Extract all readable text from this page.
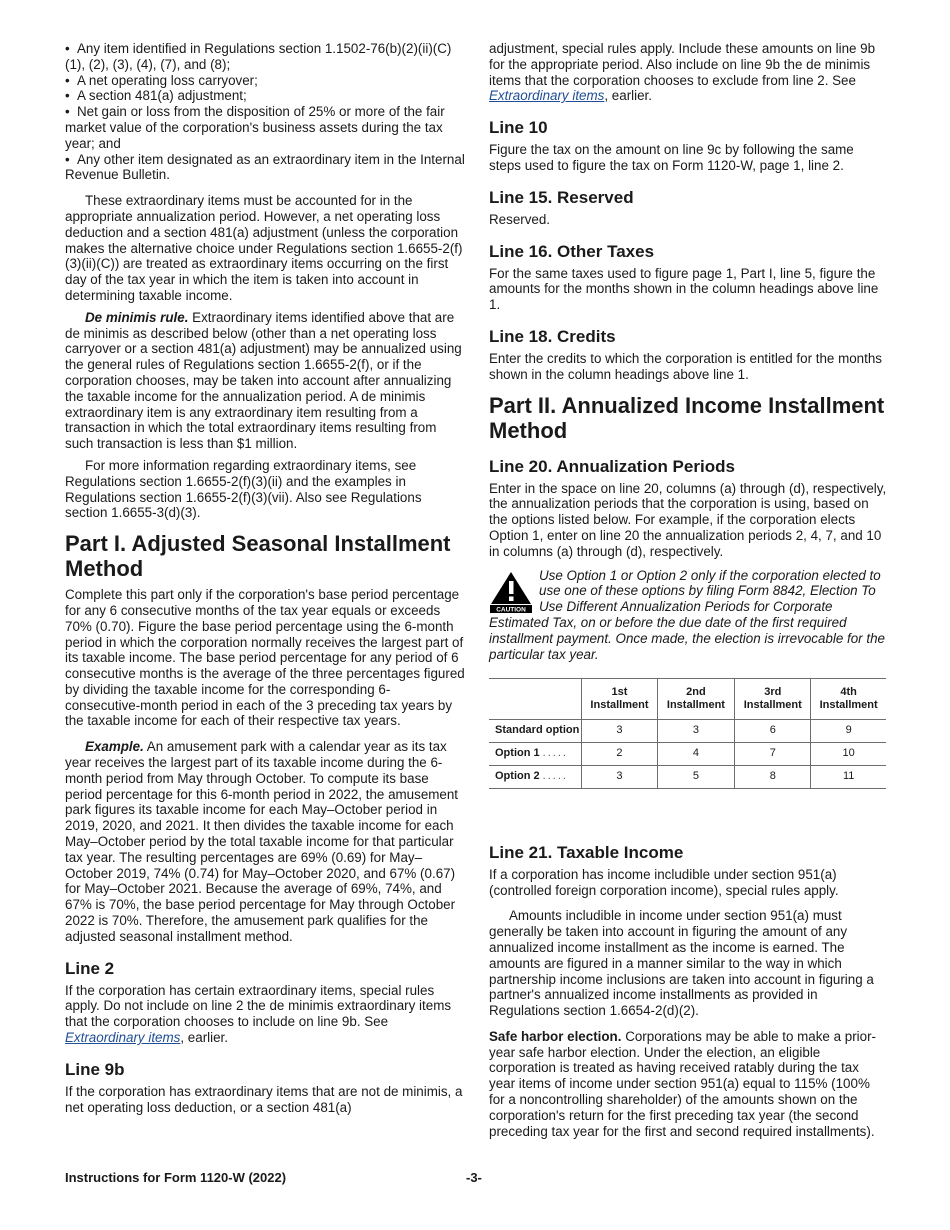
• Any item identified in Regulations section 1.1502-76(b)(2)(ii)(C)(1), (2), (3), (4), (7), and (8);

• A net operating loss carryover;

• A section 481(a) adjustment;

• Net gain or loss from the disposition of 25% or more of the fair market value of the corporation's business assets during the tax year; and

• Any other item designated as an extraordinary item in the Internal Revenue Bulletin.

These extraordinary items must be accounted for in the appropriate annualization period. However, a net operating loss deduction and a section 481(a) adjustment (unless the corporation makes the alternative choice under Regulations section 1.6655-2(f)(3)(ii)(C)) are treated as extraordinary items occurring on the first day of the tax year in which the item is taken into account in determining taxable income.

De minimis rule. Extraordinary items identified above that are de minimis as described below (other than a net operating loss carryover or a section 481(a) adjustment) may be annualized using the general rules of Regulations section 1.6655-2(f), or if the corporation chooses, may be taken into account after annualizing the taxable income for the annualization period. A de minimis extraordinary item is any extraordinary item resulting from a transaction in which the total extraordinary items resulting from such transaction is less than $1 million.

For more information regarding extraordinary items, see Regulations section 1.6655-2(f)(3)(ii) and the examples in Regulations section 1.6655-2(f)(3)(vii). Also see Regulations section 1.6655-3(d)(3).

Part I. Adjusted Seasonal Installment Method

Complete this part only if the corporation's base period percentage for any 6 consecutive months of the tax year equals or exceeds 70% (0.70). Figure the base period percentage using the 6-month period in which the corporation normally receives the largest part of its taxable income. The base period percentage for any period of 6 consecutive months is the average of the three percentages figured by dividing the taxable income for the corresponding 6-consecutive-month period in each of the 3 preceding tax years by the taxable income for each of their respective tax years.

Example. An amusement park with a calendar year as its tax year receives the largest part of its taxable income during the 6-month period from May through October. To compute its base period percentage for this 6-month period in 2022, the amusement park figures its taxable income for each May–October period in 2019, 2020, and 2021. It then divides the taxable income for each May–October period by the total taxable income for that particular tax year. The resulting percentages are 69% (0.69) for May–October 2019, 74% (0.74) for May–October 2020, and 67% (0.67) for May–October 2021. Because the average of 69%, 74%, and 67% is 70%, the base period percentage for May through October 2022 is 70%. Therefore, the amusement park qualifies for the adjusted seasonal installment method.

Line 2

If the corporation has certain extraordinary items, special rules apply. Do not include on line 2 the de minimis extraordinary items that the corporation chooses to include on line 9b. See Extraordinary items, earlier.

Line 9b

If the corporation has extraordinary items that are not de minimis, a net operating loss deduction, or a section 481(a)

adjustment, special rules apply. Include these amounts on line 9b for the appropriate period. Also include on line 9b the de minimis items that the corporation chooses to exclude from line 2. See Extraordinary items, earlier.

Line 10

Figure the tax on the amount on line 9c by following the same steps used to figure the tax on Form 1120-W, page 1, line 2.

Line 15. Reserved

Reserved.

Line 16. Other Taxes

For the same taxes used to figure page 1, Part I, line 5, figure the amounts for the months shown in the column headings above line 1.

Line 18. Credits

Enter the credits to which the corporation is entitled for the months shown in the column headings above line 1.

Part II. Annualized Income Installment Method
Line 20. Annualization Periods

Enter in the space on line 20, columns (a) through (d), respectively, the annualization periods that the corporation is using, based on the options listed below. For example, if the corporation elects Option 1, enter on line 20 the annualization periods 2, 4, 7, and 10 in columns (a) through (d), respectively.

CAUTION
Use Option 1 or Option 2 only if the corporation elected to use one of these options by filing Form 8842, Election To Use Different Annualization Periods for Corporate

Estimated Tax, on or before the due date of the first required installment payment. Once made, the election is irrevocable for the particular tax year.

	1st Installment	2nd Installment	3rd Installment	4th Installment
Standard option	3	3	6	9
Option 1 .....	2	4	7	10
Option 2 .....	3	5	8	11
Line 21. Taxable Income

If a corporation has income includible under section 951(a) (controlled foreign corporation income), special rules apply.

Amounts includible in income under section 951(a) must generally be taken into account in figuring the amount of any annualized income installment as the income is earned. The amounts are figured in a manner similar to the way in which partnership income inclusions are taken into account in figuring a partner's annualized income installments as provided in Regulations section 1.6654-2(d)(2).

Safe harbor election. Corporations may be able to make a prior-year safe harbor election. Under the election, an eligible corporation is treated as having received ratably during the tax year items of income under section 951(a) equal to 115% (100% for a noncontrolling shareholder) of the amounts shown on the corporation's return for the first preceding tax year (the second preceding tax year for the first and second required installments).

Instructions for Form 1120-W (2022)	-3-
